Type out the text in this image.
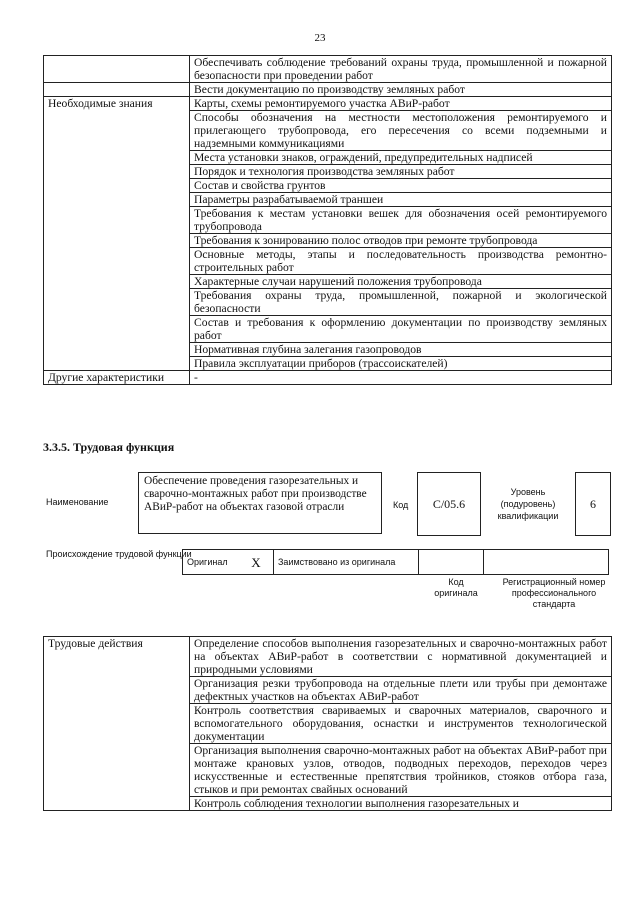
23
	Обеспечивать соблюдение требований охраны труда, промышленной и пожарной безопасности при проведении работ
	Вести документацию по производству земляных работ
Необходимые знания	Карты, схемы ремонтируемого участка АВиР-работ
	Способы обозначения на местности местоположения ремонтируемого и прилегающего трубопровода, его пересечения со всеми подземными и надземными коммуникациями
	Места установки знаков, ограждений, предупредительных надписей
	Порядок и технология производства земляных работ
	Состав и свойства грунтов
	Параметры разрабатываемой траншеи
	Требования к местам установки вешек для обозначения осей ремонтируемого трубопровода
	Требования к зонированию полос отводов при ремонте трубопровода
	Основные методы, этапы и последовательность производства ремонтно-строительных работ
	Характерные случаи нарушений положения трубопровода
	Требования охраны труда, промышленной, пожарной и экологической безопасности
	Состав и требования к оформлению документации по производству земляных работ
	Нормативная глубина залегания газопроводов
	Правила эксплуатации приборов (трассоискателей)
Другие характеристики	-
3.3.5. Трудовая функция
Наименование
Обеспечение проведения газорезательных и сварочно-монтажных работ при производстве АВиР-работ на объектах газовой отрасли	Код С/05.6
Уровень (подуровень) квалификации
6
Происхождение трудовой функции
Оригинал	X	Заимствовано из оригинала		
Код оригинала
Регистрационный номер профессионального стандарта
Трудовые действия	Определение способов выполнения газорезательных и сварочно-монтажных работ на объектах АВиР-работ в соответствии с нормативной документацией и природными условиями
Организация резки трубопровода на отдельные плети или трубы при демонтаже дефектных участков на объектах АВиР-работ
Контроль соответствия свариваемых и сварочных материалов, сварочного и вспомогательного оборудования, оснастки и инструментов технологической документации
Организация выполнения сварочно-монтажных работ на объектах АВиР-работ при монтаже крановых узлов, отводов, подводных переходов, переходов через искусственные и естественные препятствия тройников, стояков отбора газа, стыков и при ремонтах свайных оснований
Контроль соблюдения технологии выполнения газорезательных и
